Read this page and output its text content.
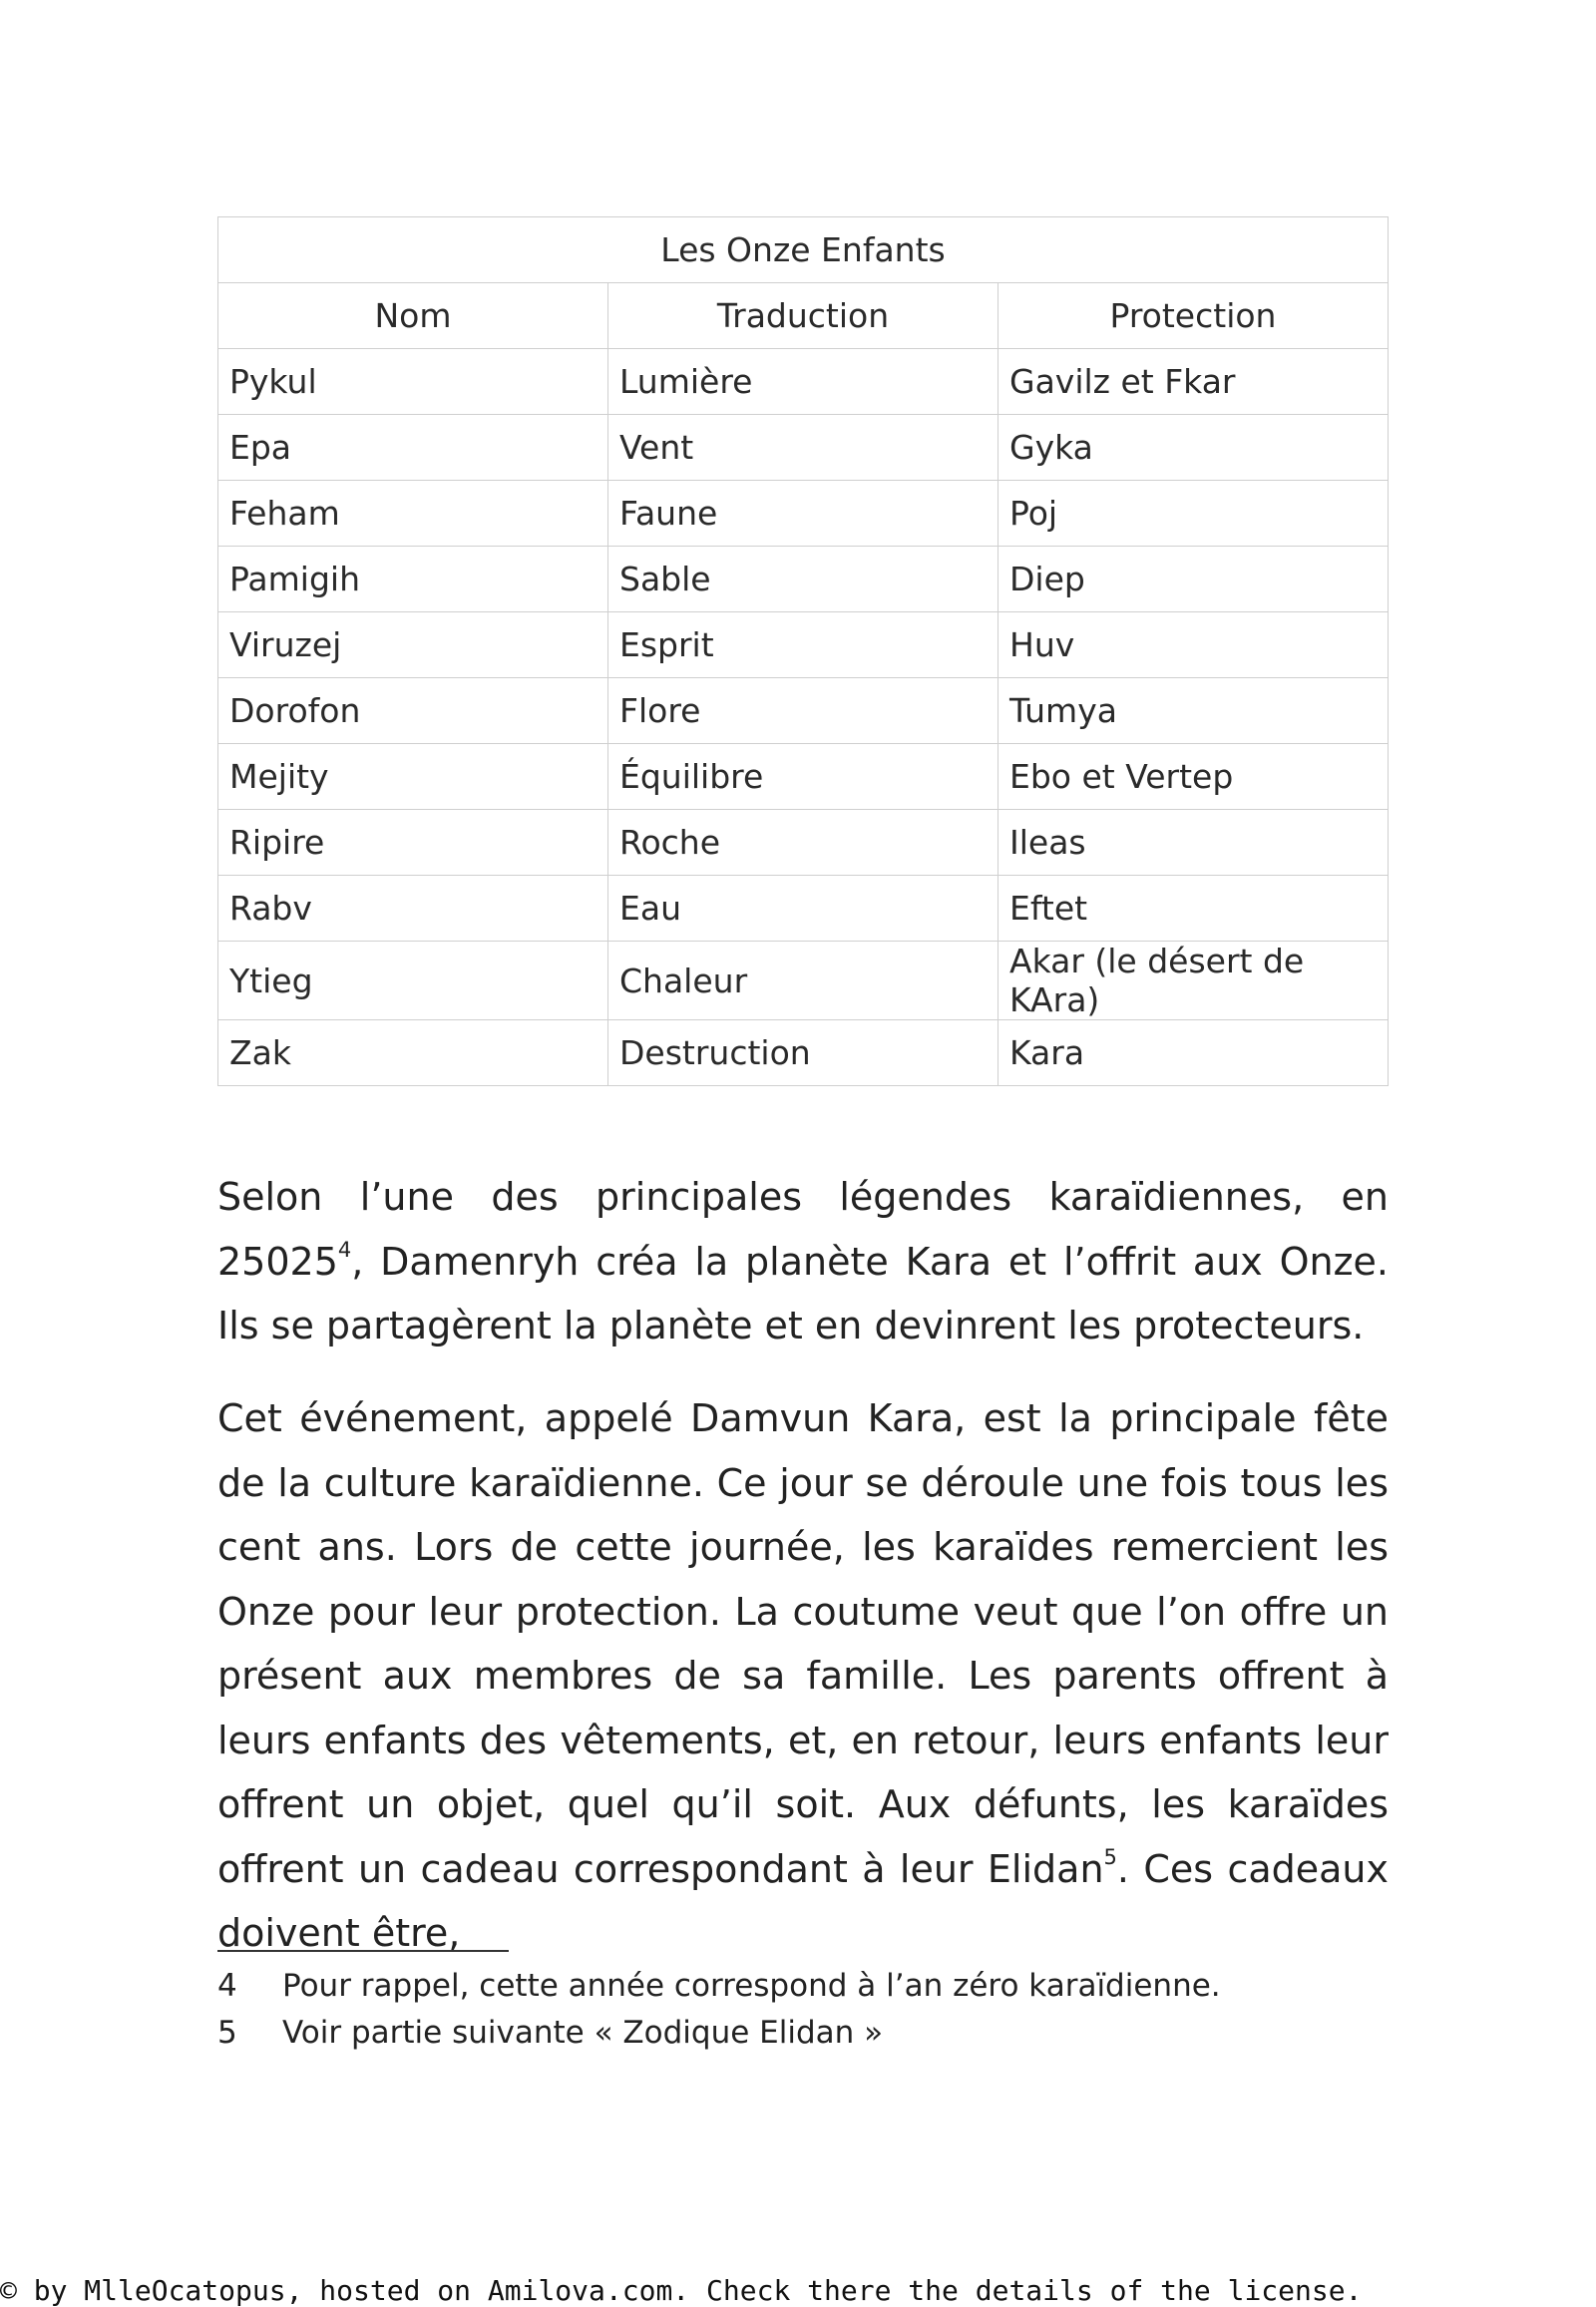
Les Onze Enfants		
Nom	Traduction	Protection
Pykul	Lumière	Gavilz et Fkar
Epa	Vent	Gyka
Feham	Faune	Poj
Pamigih	Sable	Diep
Viruzej	Esprit	Huv
Dorofon	Flore	Tumya
Mejity	Équilibre	Ebo et Vertep
Ripire	Roche	Ileas
Rabv	Eau	Eftet
Ytieg	Chaleur	Akar (le désert de KAra)
Zak	Destruction	Kara

Selon l’une des principales légendes karaïdiennes, en 25025$^4$, Damenryh créa la planète Kara et l’offrit aux Onze. Ils se partagèrent la planète et en devinrent les protecteurs.

Cet événement, appelé Damvun Kara, est la principale fête de la culture karaïdienne. Ce jour se déroule une fois tous les cent ans. Lors de cette journée, les karaïdes remercient les Onze pour leur protection. La coutume veut que l’on offre un présent aux membres de sa famille. Les parents offrent à leurs enfants des vêtements, et, en retour, leurs enfants leur offrent un objet, quel qu’il soit. Aux défunts, les karaïdes offrent un cadeau correspondant à leur Elidan$^5$. Ces cadeaux doivent être,

4	Pour rappel, cette année correspond à l’an zéro karaïdienne.
5	Voir partie suivante « Zodique Elidan »
© by MlleOcatopus, hosted on Amilova.com. Check there the details of the license.
